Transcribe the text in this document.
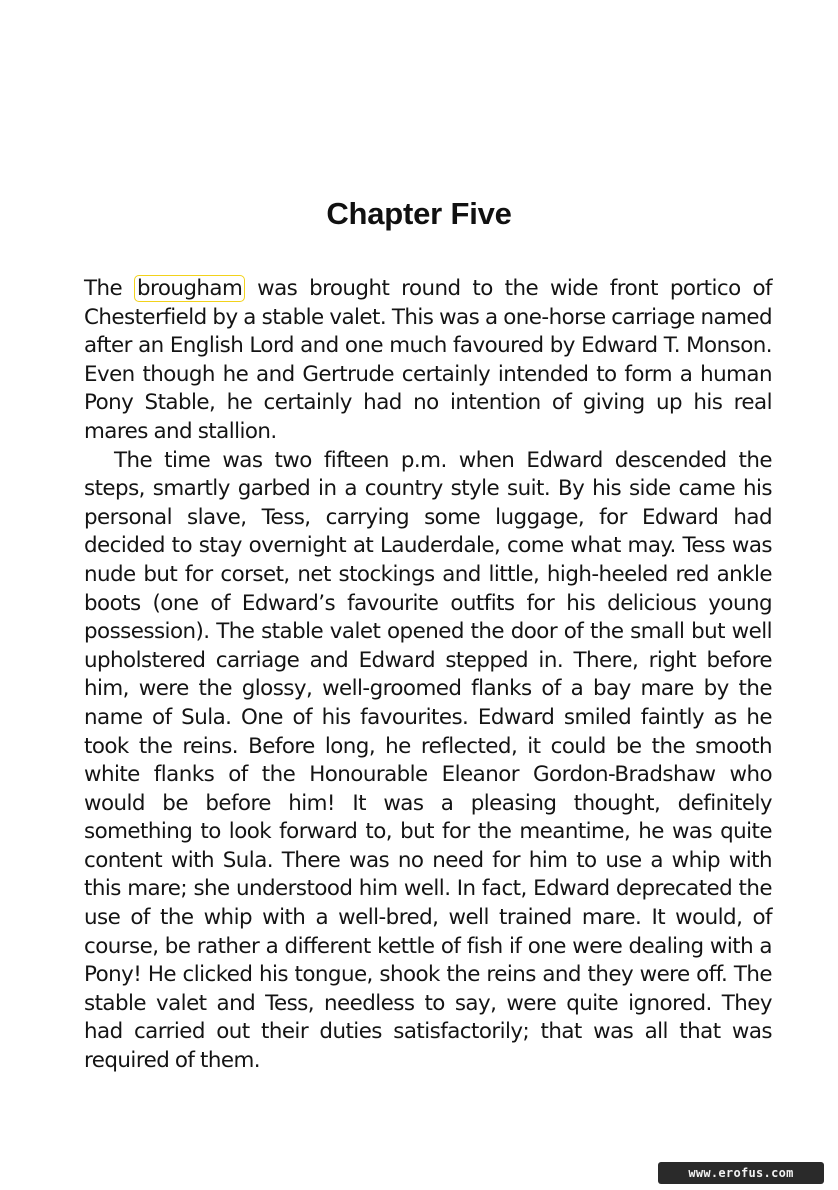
Chapter Five

The brougham was brought round to the wide front portico of Chesterfield by a stable valet. This was a one-horse carriage named after an English Lord and one much favoured by Edward T. Monson. Even though he and Gertrude certainly intended to form a human Pony Stable, he certainly had no intention of giving up his real mares and stallion.

The time was two fifteen p.m. when Edward descended the steps, smartly garbed in a country style suit. By his side came his personal slave, Tess, carrying some luggage, for Edward had decided to stay overnight at Lauderdale, come what may. Tess was nude but for corset, net stockings and little, high-heeled red ankle boots (one of Edward’s favourite outfits for his delicious young possession). The stable valet opened the door of the small but well upholstered carriage and Edward stepped in. There, right before him, were the glossy, well-groomed flanks of a bay mare by the name of Sula. One of his favourites. Edward smiled faintly as he took the reins. Before long, he reflected, it could be the smooth white flanks of the Honourable Eleanor Gordon-Bradshaw who would be before him! It was a pleasing thought, definitely something to look forward to, but for the meantime, he was quite content with Sula. There was no need for him to use a whip with this mare; she understood him well. In fact, Edward deprecated the use of the whip with a well-bred, well trained mare. It would, of course, be rather a different kettle of fish if one were dealing with a Pony! He clicked his tongue, shook the reins and they were off. The stable valet and Tess, needless to say, were quite ignored. They had carried out their duties satisfactorily; that was all that was required of them.

www.erofus.com
